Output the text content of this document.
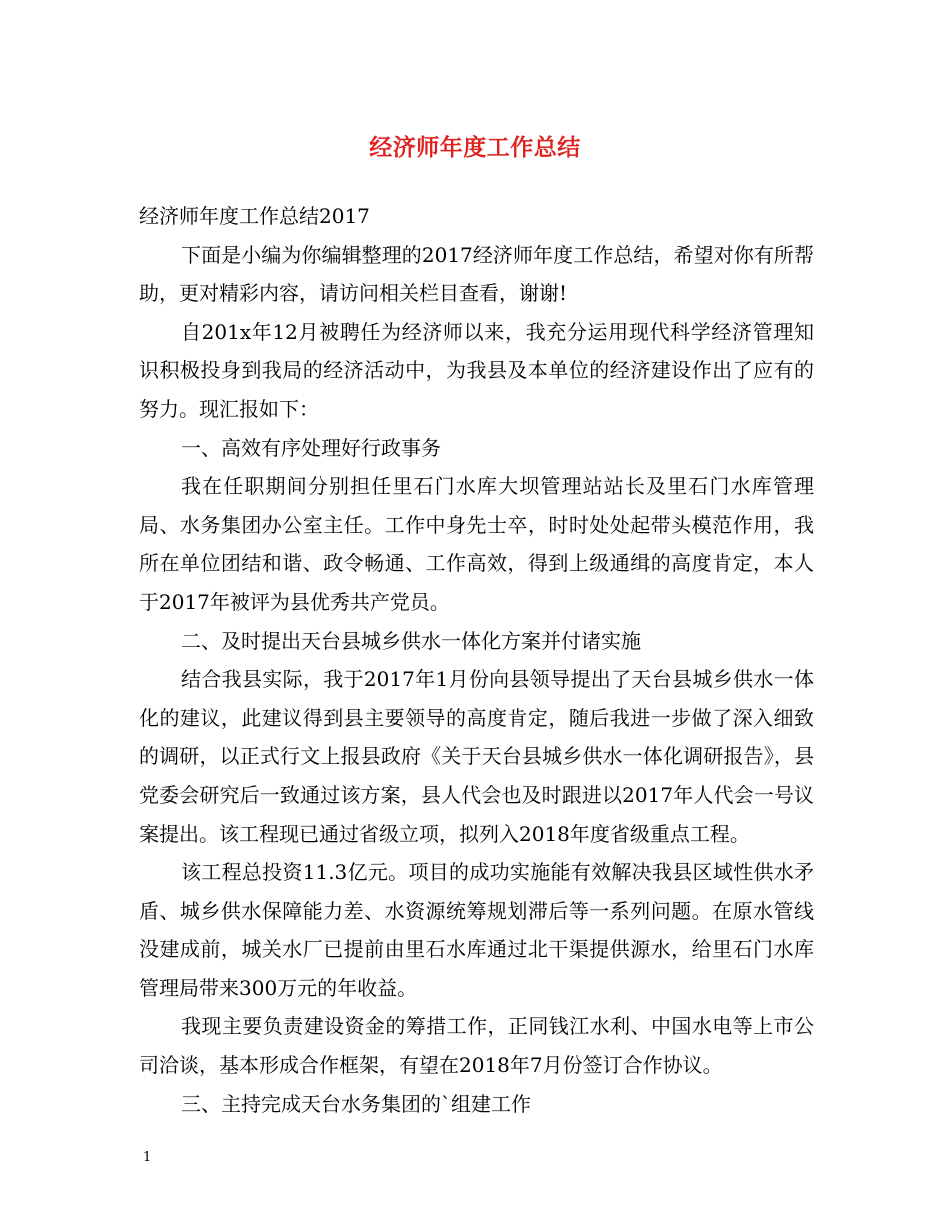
经济师年度工作总结

经济师年度工作总结2017

下面是小编为你编辑整理的2017经济师年度工作总结，希望对你有所帮助，更对精彩内容，请访问相关栏目查看，谢谢!

自201x年12月被聘任为经济师以来，我充分运用现代科学经济管理知识积极投身到我局的经济活动中，为我县及本单位的经济建设作出了应有的努力。现汇报如下：

一、高效有序处理好行政事务

我在任职期间分别担任里石门水库大坝管理站站长及里石门水库管理局、水务集团办公室主任。工作中身先士卒，时时处处起带头模范作用，我所在单位团结和谐、政令畅通、工作高效，得到上级通缉的高度肯定，本人于2017年被评为县优秀共产党员。

二、及时提出天台县城乡供水一体化方案并付诸实施

结合我县实际，我于2017年1月份向县领导提出了天台县城乡供水一体化的建议，此建议得到县主要领导的高度肯定，随后我进一步做了深入细致的调研，以正式行文上报县政府《关于天台县城乡供水一体化调研报告》，县党委会研究后一致通过该方案，县人代会也及时跟进以2017年人代会一号议案提出。该工程现已通过省级立项，拟列入2018年度省级重点工程。

该工程总投资11.3亿元。项目的成功实施能有效解决我县区域性供水矛盾、城乡供水保障能力差、水资源统筹规划滞后等一系列问题。在原水管线没建成前，城关水厂已提前由里石水库通过北干渠提供源水，给里石门水库管理局带来300万元的年收益。

我现主要负责建设资金的筹措工作，正同钱江水利、中国水电等上市公司洽谈，基本形成合作框架，有望在2018年7月份签订合作协议。

三、主持完成天台水务集团的`组建工作

1
